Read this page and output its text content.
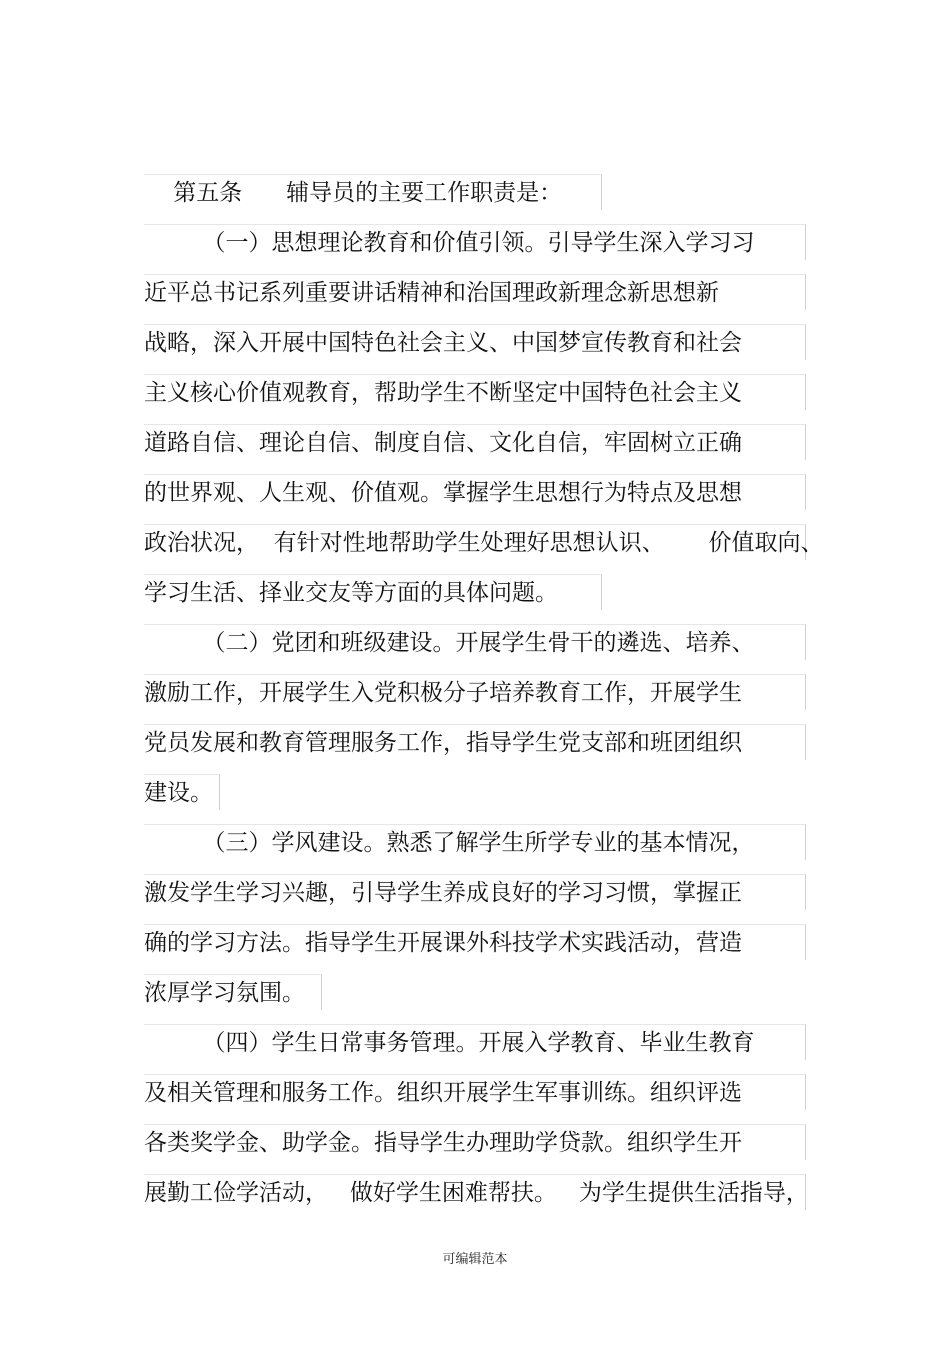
第五条      辅导员的主要工作职责是：
（一）思想理论教育和价值引领。引导学生深入学习习
近平总书记系列重要讲话精神和治国理政新理念新思想新
战略，深入开展中国特色社会主义、中国梦宣传教育和社会
主义核心价值观教育，帮助学生不断坚定中国特色社会主义
道路自信、理论自信、制度自信、文化自信，牢固树立正确
的世界观、人生观、价值观。掌握学生思想行为特点及思想
政治状况，  有针对性地帮助学生处理好思想认识、      价值取向、
学习生活、择业交友等方面的具体问题。
（二）党团和班级建设。开展学生骨干的遴选、培养、
激励工作，开展学生入党积极分子培养教育工作，开展学生
党员发展和教育管理服务工作，指导学生党支部和班团组织
建设。
（三）学风建设。熟悉了解学生所学专业的基本情况，
激发学生学习兴趣，引导学生养成良好的学习习惯，掌握正
确的学习方法。指导学生开展课外科技学术实践活动，营造
浓厚学习氛围。
（四）学生日常事务管理。开展入学教育、毕业生教育
及相关管理和服务工作。组织开展学生军事训练。组织评选
各类奖学金、助学金。指导学生办理助学贷款。组织学生开
展勤工俭学活动，   做好学生困难帮扶。   为学生提供生活指导，
可编辑范本
